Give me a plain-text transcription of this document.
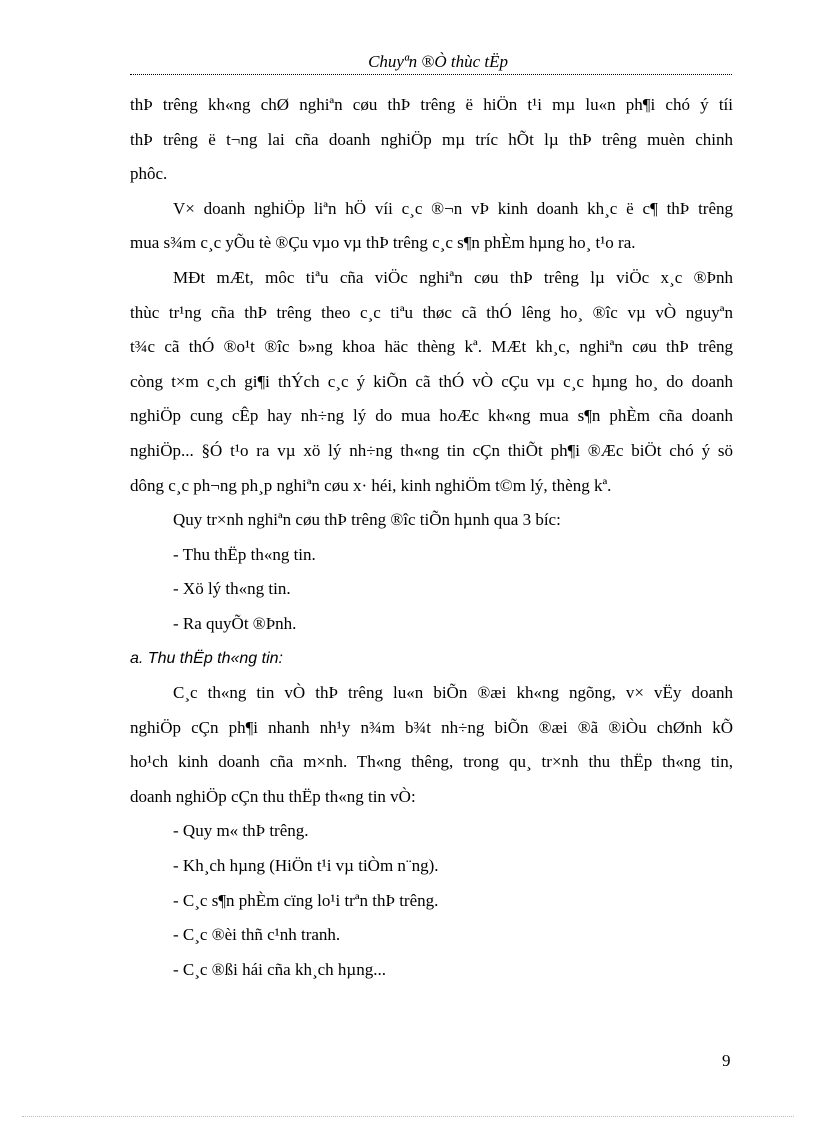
Chuyªn ®Ò thùc tËp
thÞ trêng kh«ng chØ nghiªn cøu thÞ trêng ë hiÖn t¹i mµ lu«n ph¶i chó ý tíi
thÞ trêng ë t¬ng lai cña doanh nghiÖp mµ tríc hÕt lµ thÞ trêng muèn chinh
phôc.
V× doanh nghiÖp liªn hÖ víi c¸c ®¬n vÞ kinh doanh kh¸c ë c¶ thÞ trêng
mua s¾m c¸c yÕu tè ®Çu vµo vµ thÞ trêng c¸c s¶n phÈm hµng ho¸ t¹o ra.
MÐt mÆt, môc tiªu cña viÖc nghiªn cøu thÞ trêng lµ viÖc x¸c ®Þnh
thùc tr¹ng cña thÞ trêng theo c¸c tiªu thøc cã thÓ lêng ho¸ ®îc vµ vÒ nguyªn
t¾c cã thÓ ®o¹t ®îc b»ng khoa häc thèng kª. MÆt kh¸c, nghiªn cøu thÞ trêng
còng t×m c¸ch gi¶i thÝch c¸c ý kiÕn cã thÓ vÒ cÇu vµ c¸c hµng ho¸ do doanh
nghiÖp cung cÊp hay nh÷ng lý do mua hoÆc kh«ng mua s¶n phÈm cña doanh
nghiÖp... §Ó t¹o ra vµ xö lý nh÷ng th«ng tin cÇn thiÕt ph¶i ®Æc biÖt chó ý sö
dông c¸c ph¬ng ph¸p nghiªn cøu x· héi, kinh nghiÖm t©m lý, thèng kª.
Quy tr×nh nghiªn cøu thÞ trêng ®îc tiÕn hµnh qua 3 bíc:
- Thu thËp th«ng tin.
- Xö lý th«ng tin.
- Ra quyÕt ®Þnh.
a. Thu thËp th«ng tin:
C¸c th«ng tin vÒ thÞ trêng lu«n biÕn ®æi kh«ng ngõng, v× vËy doanh
nghiÖp cÇn ph¶i nhanh nh¹y n¾m b¾t nh÷ng biÕn ®æi ®ã ®iÒu chØnh kÕ
ho¹ch kinh doanh cña m×nh. Th«ng thêng, trong qu¸ tr×nh thu thËp th«ng tin,
doanh nghiÖp cÇn thu thËp th«ng tin vÒ:
- Quy m« thÞ trêng.
- Kh¸ch hµng (HiÖn t¹i vµ tiÒm n¨ng).
- C¸c s¶n phÈm cïng lo¹i trªn thÞ trêng.
- C¸c ®èi thñ c¹nh tranh.
- C¸c ®ßi hái cña kh¸ch hµng...
9
